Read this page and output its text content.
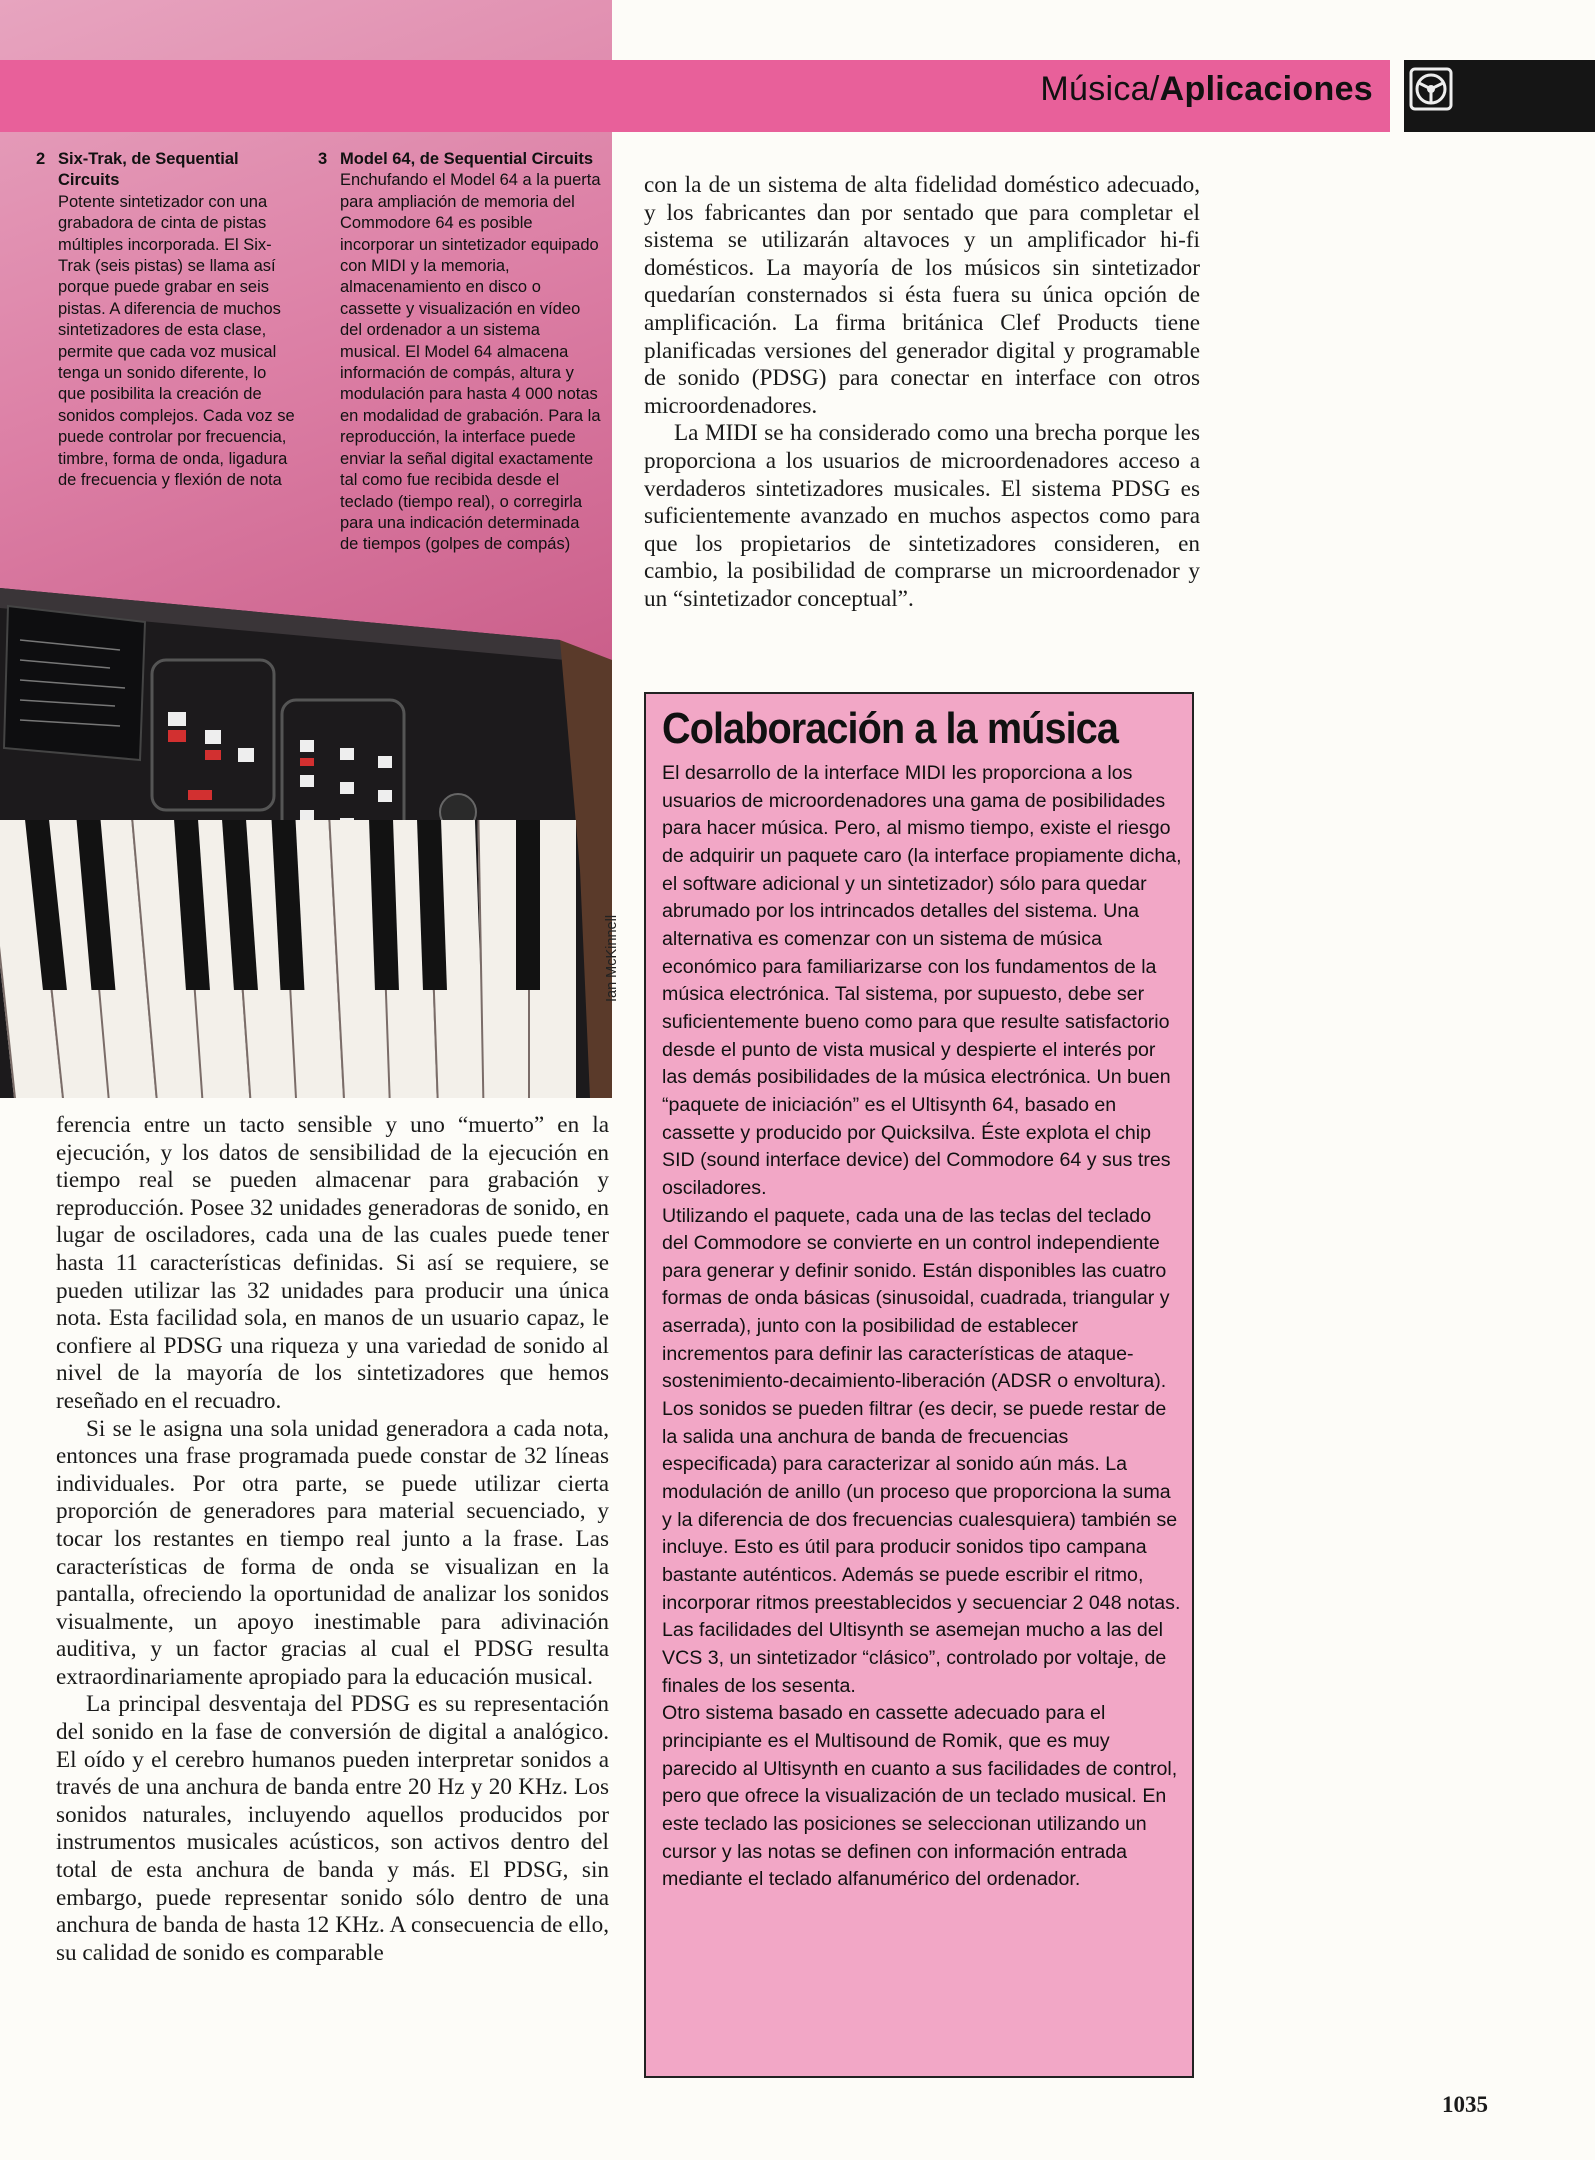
Música/Aplicaciones
2 Six-Trak, de Sequential Circuits
Potente sintetizador con una grabadora de cinta de pistas múltiples incorporada. El Six-Trak (seis pistas) se llama así porque puede grabar en seis pistas. A diferencia de muchos sintetizadores de esta clase, permite que cada voz musical tenga un sonido diferente, lo que posibilita la creación de sonidos complejos. Cada voz se puede controlar por frecuencia, timbre, forma de onda, ligadura de frecuencia y flexión de nota
3 Model 64, de Sequential Circuits
Enchufando el Model 64 a la puerta para ampliación de memoria del Commodore 64 es posible incorporar un sintetizador equipado con MIDI y la memoria, almacenamiento en disco o cassette y visualización en vídeo del ordenador a un sistema musical. El Model 64 almacena información de compás, altura y modulación para hasta 4 000 notas en modalidad de grabación. Para la reproducción, la interface puede enviar la señal digital exactamente tal como fue recibida desde el teclado (tiempo real), o corregirla para una indicación determinada de tiempos (golpes de compás)
Ian McKinnell

ferencia entre un tacto sensible y uno “muerto” en la ejecución, y los datos de sensibilidad de la ejecución en tiempo real se pueden almacenar para grabación y reproducción. Posee 32 unidades generadoras de sonido, en lugar de osciladores, cada una de las cuales puede tener hasta 11 características definidas. Si así se requiere, se pueden utilizar las 32 unidades para producir una única nota. Esta facilidad sola, en manos de un usuario capaz, le confiere al PDSG una riqueza y una variedad de sonido al nivel de la mayoría de los sintetizadores que hemos reseñado en el recuadro.

Si se le asigna una sola unidad generadora a cada nota, entonces una frase programada puede constar de 32 líneas individuales. Por otra parte, se puede utilizar cierta proporción de generadores para material secuenciado, y tocar los restantes en tiempo real junto a la frase. Las características de forma de onda se visualizan en la pantalla, ofreciendo la oportunidad de analizar los sonidos visualmente, un apoyo inestimable para adivinación auditiva, y un factor gracias al cual el PDSG resulta extraordinariamente apropiado para la educación musical.

La principal desventaja del PDSG es su representación del sonido en la fase de conversión de digital a analógico. El oído y el cerebro humanos pueden interpretar sonidos a través de una anchura de banda entre 20 Hz y 20 KHz. Los sonidos naturales, incluyendo aquellos producidos por instrumentos musicales acústicos, son activos dentro del total de esta anchura de banda y más. El PDSG, sin embargo, puede representar sonido sólo dentro de una anchura de banda de hasta 12 KHz. A consecuencia de ello, su calidad de sonido es comparable

con la de un sistema de alta fidelidad doméstico adecuado, y los fabricantes dan por sentado que para completar el sistema se utilizarán altavoces y un amplificador hi-fi domésticos. La mayoría de los músicos sin sintetizador quedarían consternados si ésta fuera su única opción de amplificación. La firma británica Clef Products tiene planificadas versiones del generador digital y programable de sonido (PDSG) para conectar en interface con otros microordenadores.

La MIDI se ha considerado como una brecha porque les proporciona a los usuarios de microordenadores acceso a verdaderos sintetizadores musicales. El sistema PDSG es suficientemente avanzado en muchos aspectos como para que los propietarios de sintetizadores consideren, en cambio, la posibilidad de comprarse un microordenador y un “sintetizador conceptual”.

Colaboración a la música

El desarrollo de la interface MIDI les proporciona a los usuarios de microordenadores una gama de posibilidades para hacer música. Pero, al mismo tiempo, existe el riesgo de adquirir un paquete caro (la interface propiamente dicha, el software adicional y un sintetizador) sólo para quedar abrumado por los intrincados detalles del sistema. Una alternativa es comenzar con un sistema de música económico para familiarizarse con los fundamentos de la música electrónica. Tal sistema, por supuesto, debe ser suficientemente bueno como para que resulte satisfactorio desde el punto de vista musical y despierte el interés por las demás posibilidades de la música electrónica. Un buen “paquete de iniciación” es el Ultisynth 64, basado en cassette y producido por Quicksilva. Éste explota el chip SID (sound interface device) del Commodore 64 y sus tres osciladores.

Utilizando el paquete, cada una de las teclas del teclado del Commodore se convierte en un control independiente para generar y definir sonido. Están disponibles las cuatro formas de onda básicas (sinusoidal, cuadrada, triangular y aserrada), junto con la posibilidad de establecer incrementos para definir las características de ataque-sostenimiento-decaimiento-liberación (ADSR o envoltura). Los sonidos se pueden filtrar (es decir, se puede restar de la salida una anchura de banda de frecuencias especificada) para caracterizar al sonido aún más. La modulación de anillo (un proceso que proporciona la suma y la diferencia de dos frecuencias cualesquiera) también se incluye. Esto es útil para producir sonidos tipo campana bastante auténticos. Además se puede escribir el ritmo, incorporar ritmos preestablecidos y secuenciar 2 048 notas.

Las facilidades del Ultisynth se asemejan mucho a las del VCS 3, un sintetizador “clásico”, controlado por voltaje, de finales de los sesenta.

Otro sistema basado en cassette adecuado para el principiante es el Multisound de Romik, que es muy parecido al Ultisynth en cuanto a sus facilidades de control, pero que ofrece la visualización de un teclado musical. En este teclado las posiciones se seleccionan utilizando un cursor y las notas se definen con información entrada mediante el teclado alfanumérico del ordenador.

1035
